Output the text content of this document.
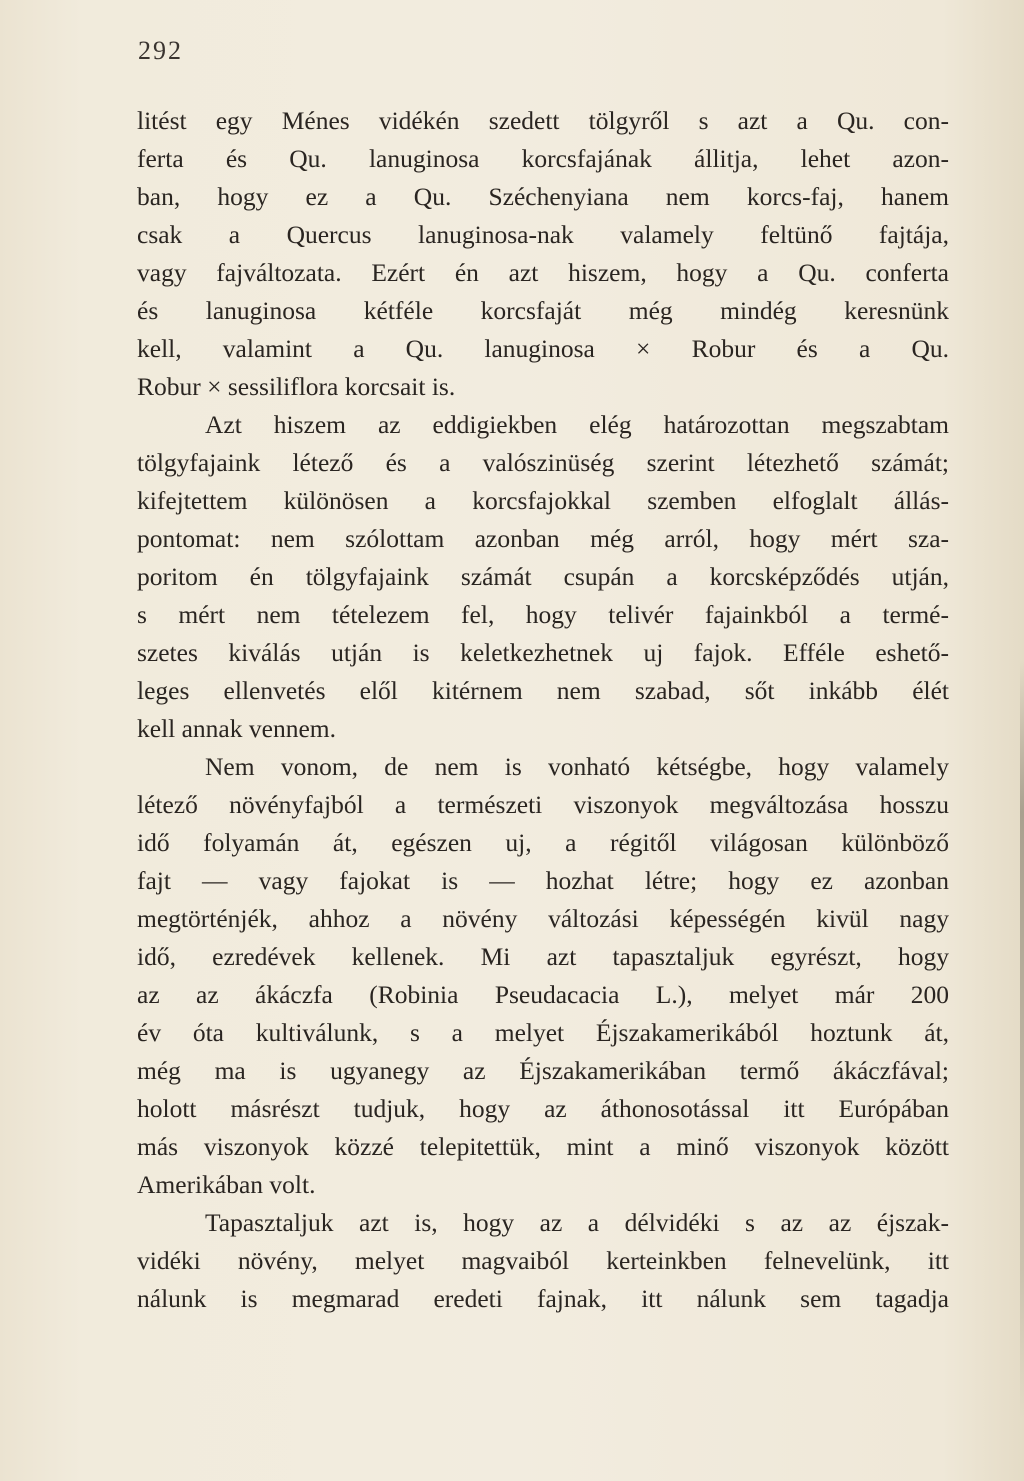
292
litést egy Ménes vidékén szedett tölgyről s azt a Qu. con-
ferta és Qu. lanuginosa korcsfajának állitja, lehet azon-
ban, hogy ez a Qu. Széchenyiana nem korcs-faj, hanem
csak a Quercus lanuginosa-nak valamely feltünő fajtája,
vagy fajváltozata. Ezért én azt hiszem, hogy a Qu. conferta
és lanuginosa kétféle korcsfaját még mindég keresnünk
kell, valamint a Qu. lanuginosa × Robur és a Qu.
Robur × sessiliflora korcsait is.
Azt hiszem az eddigiekben elég határozottan megszabtam
tölgyfajaink létező és a valószinüség szerint létezhető számát;
kifejtettem különösen a korcsfajokkal szemben elfoglalt állás-
pontomat: nem szólottam azonban még arról, hogy mért sza-
poritom én tölgyfajaink számát csupán a korcsképződés utján,
s mért nem tételezem fel, hogy telivér fajainkból a termé-
szetes kiválás utján is keletkezhetnek uj fajok. Efféle eshető-
leges ellenvetés elől kitérnem nem szabad, sőt inkább élét
kell annak vennem.
Nem vonom, de nem is vonható kétségbe, hogy valamely
létező növényfajból a természeti viszonyok megváltozása hosszu
idő folyamán át, egészen uj, a régitől világosan különböző
fajt — vagy fajokat is — hozhat létre; hogy ez azonban
megtörténjék, ahhoz a növény változási képességén kivül nagy
idő, ezredévek kellenek. Mi azt tapasztaljuk egyrészt, hogy
az az ákáczfa (Robinia Pseudacacia L.), melyet már 200
év óta kultiválunk, s a melyet Éjszakamerikából hoztunk át,
még ma is ugyanegy az Éjszakamerikában termő ákáczfával;
holott másrészt tudjuk, hogy az áthonosotással itt Európában
más viszonyok közzé telepitettük, mint a minő viszonyok között
Amerikában volt.
Tapasztaljuk azt is, hogy az a délvidéki s az az éjszak-
vidéki növény, melyet magvaiból kerteinkben felnevelünk, itt
nálunk is megmarad eredeti fajnak, itt nálunk sem tagadja
